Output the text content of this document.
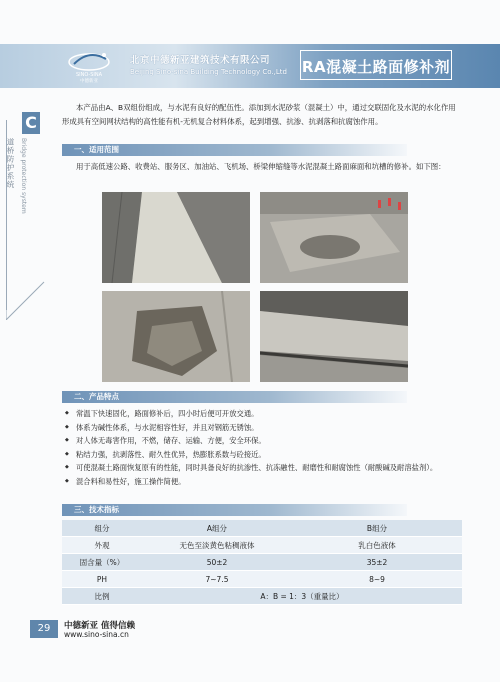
SINO-SINA
中德新亚
北京中德新亚建筑技术有限公司
Beijing Sino-sina Building Technology Co.,Ltd RA混凝土路面修补剂
C
道桥防护系统 Bridge protection system
本产品由A、B双组份组成，与水泥有良好的配伍性。添加到水泥砂浆（混凝土）中，通过交联固化及水泥的水化作用形成具有空间网状结构的高性能有机-无机复合材料体系，起到增强、抗渗、抗剥落和抗腐蚀作用。
一、适用范围
用于高低速公路、收费站、服务区、加油站、飞机场、桥梁伸缩缝等水泥混凝土路面麻面和坑槽的修补。如下图：
二、产品特点
◆ 常温下快速固化，路面修补后，四小时后便可开放交通。
◆ 体系为碱性体系，与水泥相容性好，并且对钢筋无锈蚀。
◆ 对人体无毒害作用，不燃，储存、运输、方便，安全环保。
◆ 粘结力强，抗剥落性、耐久性优异，热膨胀系数与砼接近。
◆ 可使混凝土路面恢复原有的性能，同时具备良好的抗渗性、抗冻融性、耐磨性和耐腐蚀性（耐酸碱及耐溶盐剂）。
◆ 混合料和易性好，施工操作简便。
三、技术指标
组分	A组分	B组分
外观	无色至淡黄色粘稠液体	乳白色液体
固含量（%）	50±2	35±2
PH	7~7.5	8~9
比例	A：B = 1：3（重量比）	
29	中德新亚 值得信赖
www.sino-sina.cn
